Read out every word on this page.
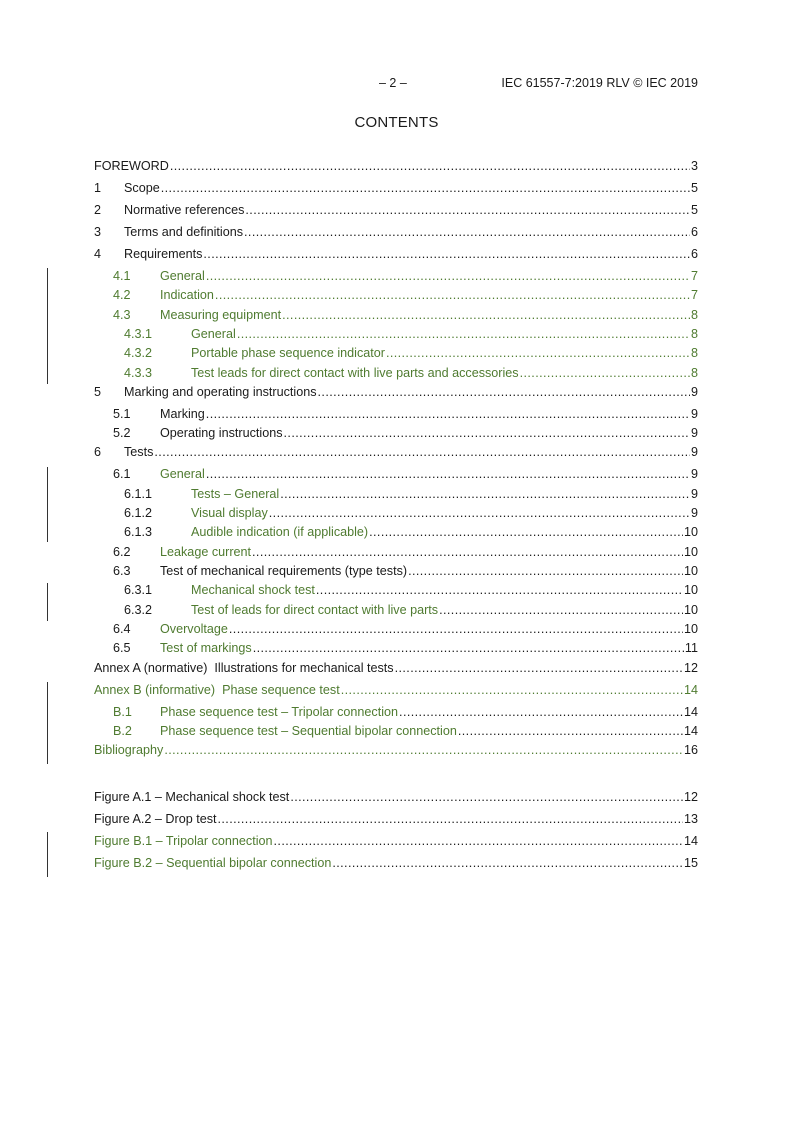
– 2 –	IEC 61557-7:2019 RLV © IEC 2019
CONTENTS
FOREWORD .....	3
1	Scope .....	5
2	Normative references .....	5
3	Terms and definitions .....	6
4	Requirements .....	6
4.1	General .....	7
4.2	Indication .....	7
4.3	Measuring equipment .....	8
4.3.1	General .....	8
4.3.2	Portable phase sequence indicator .....	8
4.3.3	Test leads for direct contact with live parts and accessories .....	8
5	Marking and operating instructions .....	9
5.1	Marking .....	9
5.2	Operating instructions .....	9
6	Tests .....	9
6.1	General .....	9
6.1.1	Tests – General .....	9
6.1.2	Visual display .....	9
6.1.3	Audible indication (if applicable) .....	10
6.2	Leakage current .....	10
6.3	Test of mechanical requirements (type tests) .....	10
6.3.1	Mechanical shock test .....	10
6.3.2	Test of leads for direct contact with live parts .....	10
6.4	Overvoltage .....	10
6.5	Test of markings .....	11
Annex A (normative)  Illustrations for mechanical tests .....	12
Annex B (informative)  Phase sequence test .....	14
B.1	Phase sequence test – Tripolar connection .....	14
B.2	Phase sequence test – Sequential bipolar connection .....	14
Bibliography .....	16
Figure A.1 – Mechanical shock test .....	12
Figure A.2 – Drop test .....	13
Figure B.1 – Tripolar connection .....	14
Figure B.2 – Sequential bipolar connection .....	15
